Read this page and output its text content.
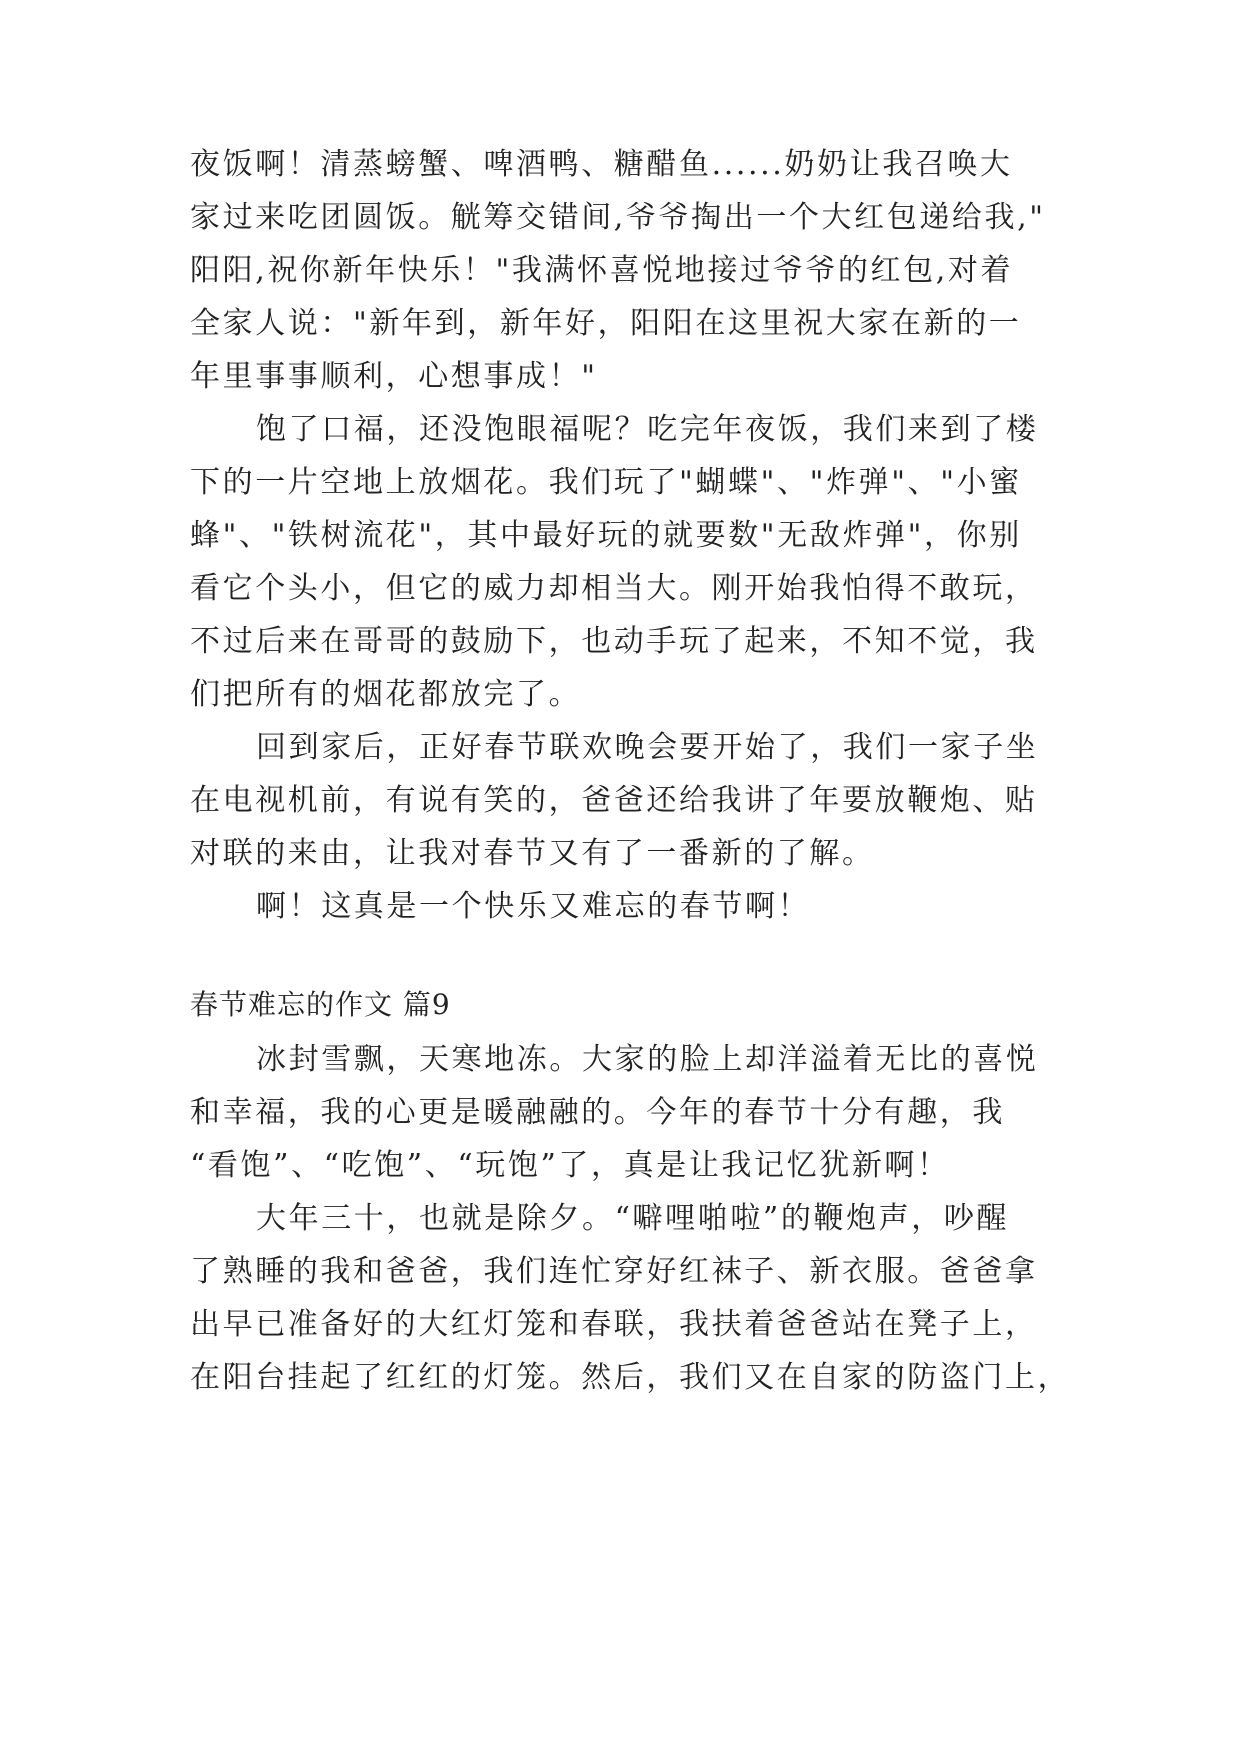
夜饭啊！清蒸螃蟹、啤酒鸭、糖醋鱼......奶奶让我召唤大
家过来吃团圆饭。觥筹交错间,爷爷掏出一个大红包递给我,"
阳阳,祝你新年快乐！"我满怀喜悦地接过爷爷的红包,对着
全家人说："新年到，新年好，阳阳在这里祝大家在新的一
年里事事顺利，心想事成！"
饱了口福，还没饱眼福呢？吃完年夜饭，我们来到了楼
下的一片空地上放烟花。我们玩了"蝴蝶"、"炸弹"、"小蜜
蜂"、"铁树流花"，其中最好玩的就要数"无敌炸弹"，你别
看它个头小，但它的威力却相当大。刚开始我怕得不敢玩，
不过后来在哥哥的鼓励下，也动手玩了起来，不知不觉，我
们把所有的烟花都放完了。
回到家后，正好春节联欢晚会要开始了，我们一家子坐
在电视机前，有说有笑的，爸爸还给我讲了年要放鞭炮、贴
对联的来由，让我对春节又有了一番新的了解。
啊！这真是一个快乐又难忘的春节啊！
春节难忘的作文 篇9
冰封雪飘，天寒地冻。大家的脸上却洋溢着无比的喜悦
和幸福，我的心更是暖融融的。今年的春节十分有趣，我
“看饱”、“吃饱”、“玩饱”了，真是让我记忆犹新啊！
大年三十，也就是除夕。“噼哩啪啦”的鞭炮声，吵醒
了熟睡的我和爸爸，我们连忙穿好红袜子、新衣服。爸爸拿
出早已准备好的大红灯笼和春联，我扶着爸爸站在凳子上，
在阳台挂起了红红的灯笼。然后，我们又在自家的防盗门上，
